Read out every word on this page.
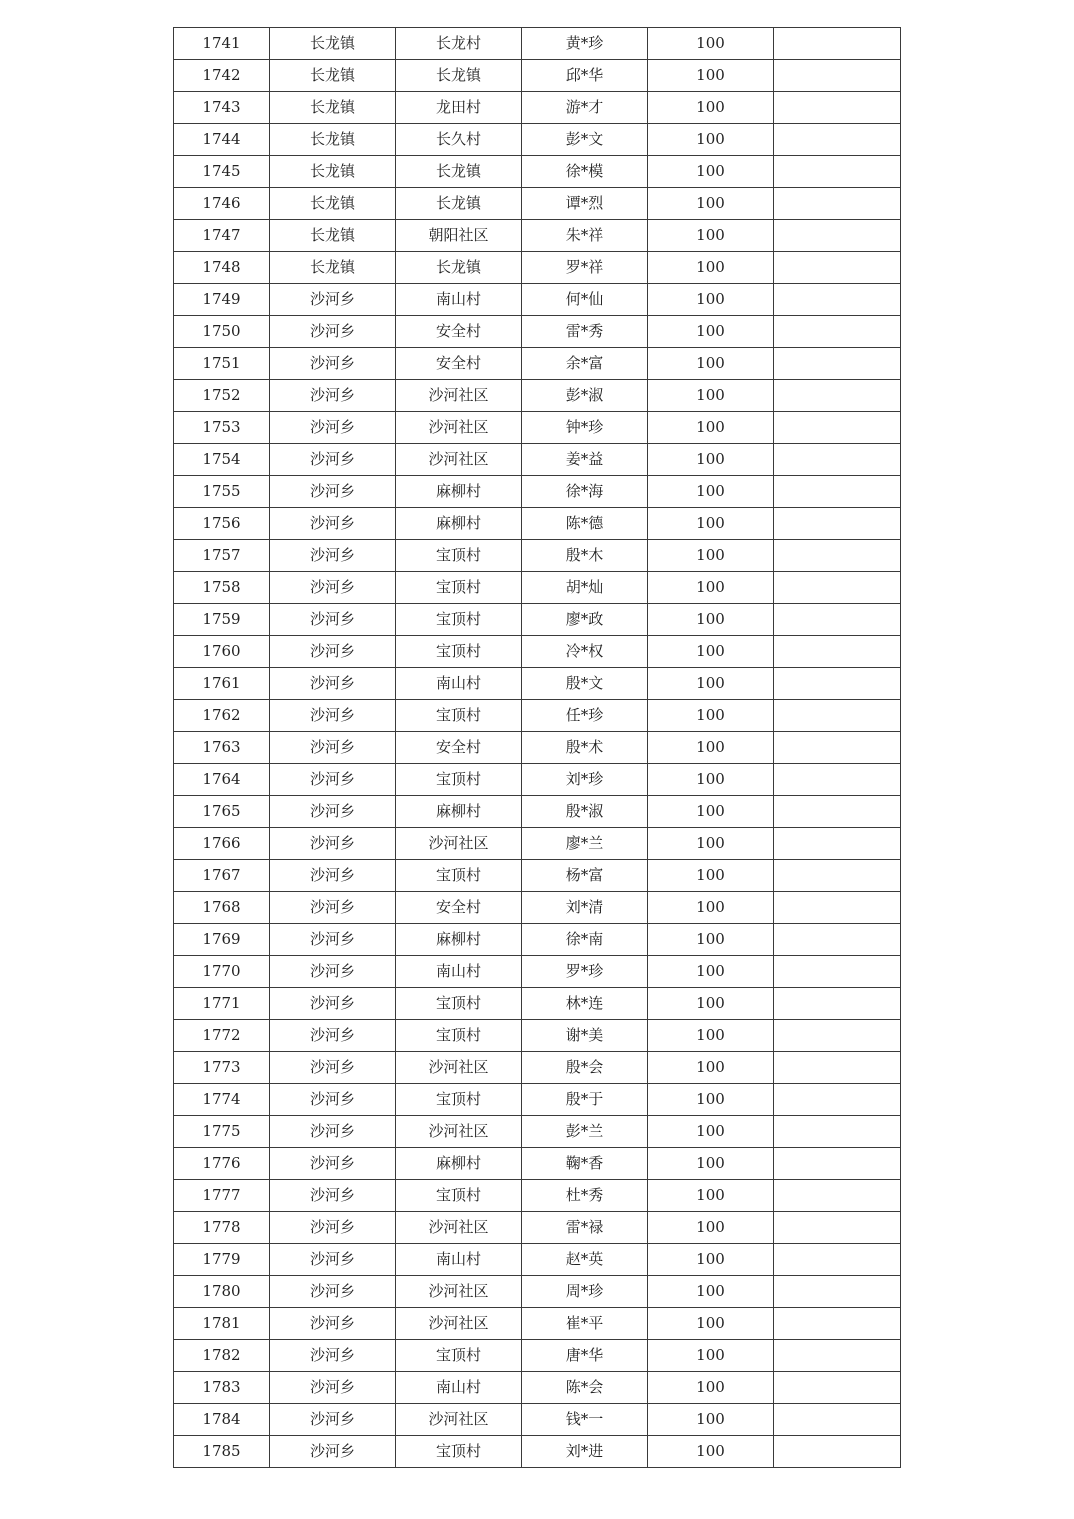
1741	长龙镇	长龙村	黄*珍	100	
1742	长龙镇	长龙镇	邱*华	100	
1743	长龙镇	龙田村	游*才	100	
1744	长龙镇	长久村	彭*文	100	
1745	长龙镇	长龙镇	徐*模	100	
1746	长龙镇	长龙镇	谭*烈	100	
1747	长龙镇	朝阳社区	朱*祥	100	
1748	长龙镇	长龙镇	罗*祥	100	
1749	沙河乡	南山村	何*仙	100	
1750	沙河乡	安全村	雷*秀	100	
1751	沙河乡	安全村	余*富	100	
1752	沙河乡	沙河社区	彭*淑	100	
1753	沙河乡	沙河社区	钟*珍	100	
1754	沙河乡	沙河社区	姜*益	100	
1755	沙河乡	麻柳村	徐*海	100	
1756	沙河乡	麻柳村	陈*德	100	
1757	沙河乡	宝顶村	殷*木	100	
1758	沙河乡	宝顶村	胡*灿	100	
1759	沙河乡	宝顶村	廖*政	100	
1760	沙河乡	宝顶村	冷*权	100	
1761	沙河乡	南山村	殷*文	100	
1762	沙河乡	宝顶村	任*珍	100	
1763	沙河乡	安全村	殷*术	100	
1764	沙河乡	宝顶村	刘*珍	100	
1765	沙河乡	麻柳村	殷*淑	100	
1766	沙河乡	沙河社区	廖*兰	100	
1767	沙河乡	宝顶村	杨*富	100	
1768	沙河乡	安全村	刘*清	100	
1769	沙河乡	麻柳村	徐*南	100	
1770	沙河乡	南山村	罗*珍	100	
1771	沙河乡	宝顶村	林*连	100	
1772	沙河乡	宝顶村	谢*美	100	
1773	沙河乡	沙河社区	殷*会	100	
1774	沙河乡	宝顶村	殷*于	100	
1775	沙河乡	沙河社区	彭*兰	100	
1776	沙河乡	麻柳村	鞠*香	100	
1777	沙河乡	宝顶村	杜*秀	100	
1778	沙河乡	沙河社区	雷*禄	100	
1779	沙河乡	南山村	赵*英	100	
1780	沙河乡	沙河社区	周*珍	100	
1781	沙河乡	沙河社区	崔*平	100	
1782	沙河乡	宝顶村	唐*华	100	
1783	沙河乡	南山村	陈*会	100	
1784	沙河乡	沙河社区	钱*一	100	
1785	沙河乡	宝顶村	刘*进	100	
